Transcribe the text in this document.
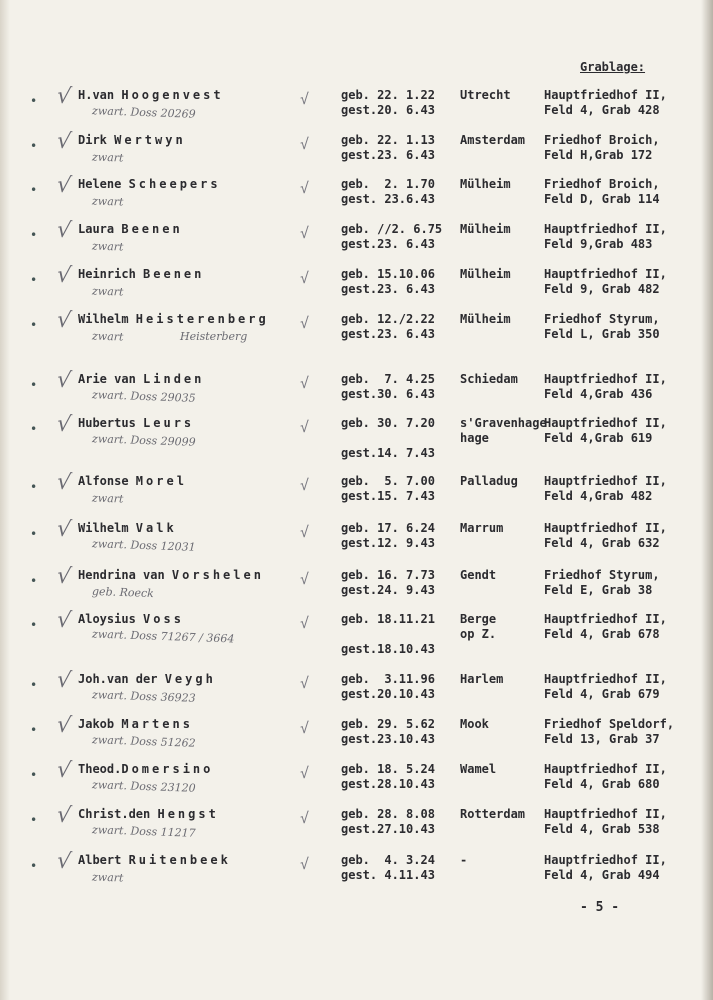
Grablage:
• √ H.van Hoogenvest	√
zwart. Doss 20269
geb. 22. 1.22
gest.20. 6.43
Utrecht	Hauptfriedhof II,
Feld 4, Grab 428
• √ Dirk Wertwyn	√
zwart
geb. 22. 1.13
gest.23. 6.43
Amsterdam Friedhof Broich,
Feld H,Grab 172
• √ Helene Scheepers	√
zwart
geb.  2. 1.70
gest. 23.6.43
Mülheim	Friedhof Broich,
Feld D, Grab 114
• √ Laura Beenen	√
zwart
geb. //2. 6.75
gest.23. 6.43
Mülheim	Hauptfriedhof II,
Feld 9,Grab 483
• √ Heinrich Beenen	√
zwart
geb. 15.10.06
gest.23. 6.43
Mülheim	Hauptfriedhof II,
Feld 9, Grab 482
• √ Wilhelm Heisterenberg √
zwart	Heisterberg
geb. 12./2.22
gest.23. 6.43
Mülheim	Friedhof Styrum,
Feld L, Grab 350
• √ Arie van Linden	√
zwart. Doss 29035
geb.  7. 4.25
gest.30. 6.43
Schiedam Hauptfriedhof II,
Feld 4,Grab 436
• √ Hubertus Leurs	√
zwart. Doss 29099
geb. 30. 7.20

gest.14. 7.43
s'Gravenhage
hage
Hauptfriedhof II,
Feld 4,Grab 619
• √ Alfonse Morel	√
zwart
geb.  5. 7.00
gest.15. 7.43
Palladug Hauptfriedhof II,
Feld 4,Grab 482
• √ Wilhelm Valk	√
zwart. Doss 12031
geb. 17. 6.24
gest.12. 9.43
Marrum	Hauptfriedhof II,
Feld 4, Grab 632
• √ Hendrina van Vorshelen √
geb. Roeck
geb. 16. 7.73
gest.24. 9.43
Gendt	Friedhof Styrum,
Feld E, Grab 38
• √ Aloysius Voss	√
zwart. Doss 71267 / 3664
geb. 18.11.21

gest.18.10.43
Berge
op Z.
Hauptfriedhof II,
Feld 4, Grab 678
• √ Joh.van der Veygh	√
zwart. Doss 36923
geb.  3.11.96
gest.20.10.43
Harlem	Hauptfriedhof II,
Feld 4, Grab 679
• √ Jakob Martens	√
zwart. Doss 51262
geb. 29. 5.62
gest.23.10.43
Mook	Friedhof Speldorf,
Feld 13, Grab 37
• √ Theod.Domersino	√
zwart. Doss 23120
geb. 18. 5.24
gest.28.10.43
Wamel	Hauptfriedhof II,
Feld 4, Grab 680
• √ Christ.den Hengst	√
zwart. Doss 11217
geb. 28. 8.08
gest.27.10.43
Rotterdam Hauptfriedhof II,
Feld 4, Grab 538
• √ Albert Ruitenbeek	√
zwart
geb.  4. 3.24
gest. 4.11.43
-	Hauptfriedhof II,
Feld 4, Grab 494
- 5 -
